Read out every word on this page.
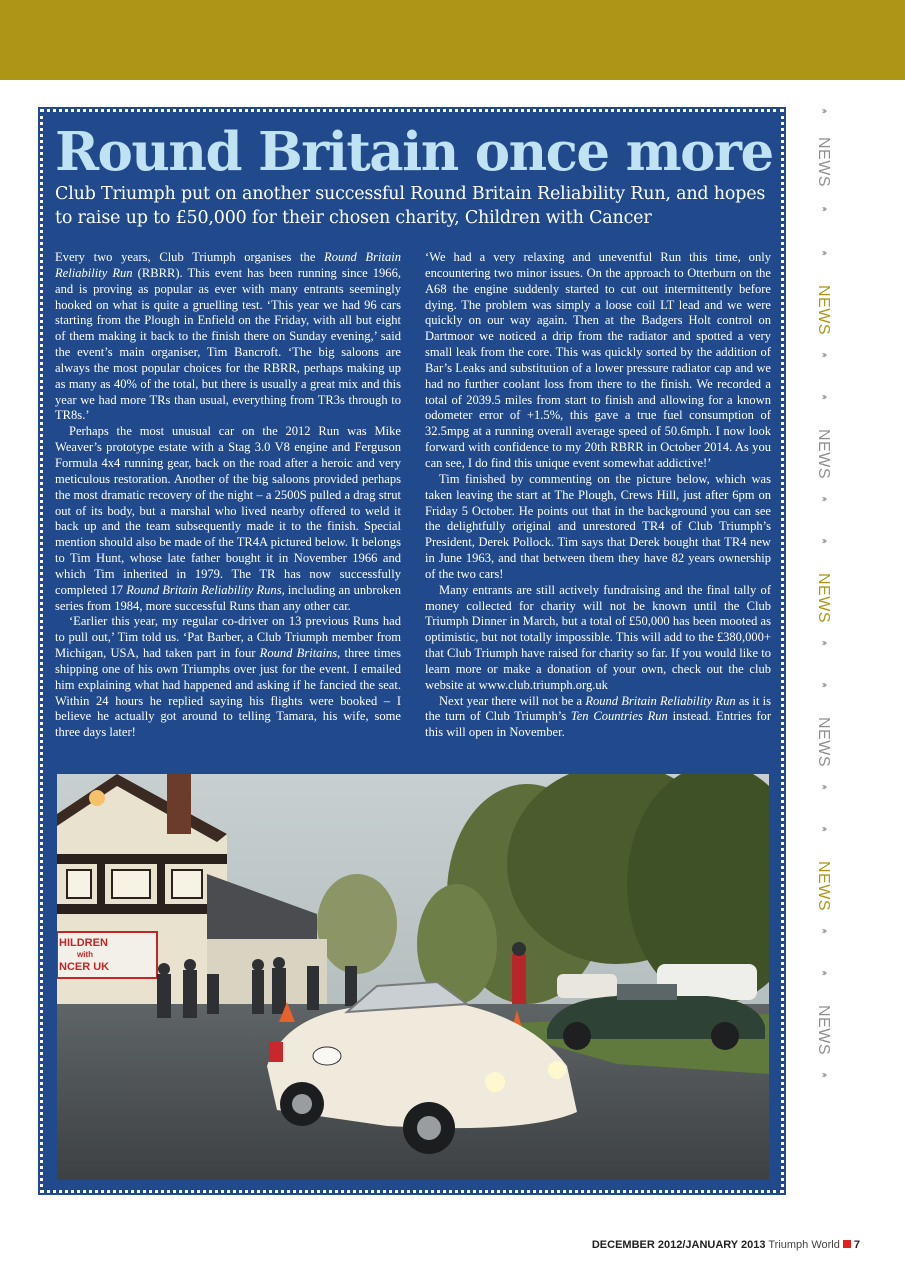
Round Britain once more

Club Triumph put on another successful Round Britain Reliability Run, and hopes to raise up to £50,000 for their chosen charity, Children with Cancer

Every two years, Club Triumph organises the Round Britain Reliability Run (RBRR). This event has been running since 1966, and is proving as popular as ever with many entrants seemingly hooked on what is quite a gruelling test. ‘This year we had 96 cars starting from the Plough in Enfield on the Friday, with all but eight of them making it back to the finish there on Sunday evening,’ said the event’s main organiser, Tim Bancroft. ‘The big saloons are always the most popular choices for the RBRR, perhaps making up as many as 40% of the total, but there is usually a great mix and this year we had more TRs than usual, everything from TR3s through to TR8s.’

Perhaps the most unusual car on the 2012 Run was Mike Weaver’s prototype estate with a Stag 3.0 V8 engine and Ferguson Formula 4x4 running gear, back on the road after a heroic and very meticulous restoration. Another of the big saloons provided perhaps the most dramatic recovery of the night – a 2500S pulled a drag strut out of its body, but a marshal who lived nearby offered to weld it back up and the team subsequently made it to the finish. Special mention should also be made of the TR4A pictured below. It belongs to Tim Hunt, whose late father bought it in November 1966 and which Tim inherited in 1979. The TR has now successfully completed 17 Round Britain Reliability Runs, including an unbroken series from 1984, more successful Runs than any other car.

‘Earlier this year, my regular co-driver on 13 previous Runs had to pull out,’ Tim told us. ‘Pat Barber, a Club Triumph member from Michigan, USA, had taken part in four Round Britains, three times shipping one of his own Triumphs over just for the event. I emailed him explaining what had happened and asking if he fancied the seat. Within 24 hours he replied saying his flights were booked – I believe he actually got around to telling Tamara, his wife, some three days later!

‘We had a very relaxing and uneventful Run this time, only encountering two minor issues. On the approach to Otterburn on the A68 the engine suddenly started to cut out intermittently before dying. The problem was simply a loose coil LT lead and we were quickly on our way again. Then at the Badgers Holt control on Dartmoor we noticed a drip from the radiator and spotted a very small leak from the core. This was quickly sorted by the addition of Bar’s Leaks and substitution of a lower pressure radiator cap and we had no further coolant loss from there to the finish. We recorded a total of 2039.5 miles from start to finish and allowing for a known odometer error of +1.5%, this gave a true fuel consumption of 32.5mpg at a running overall average speed of 50.6mph. I now look forward with confidence to my 20th RBRR in October 2014. As you can see, I do find this unique event somewhat addictive!’

Tim finished by commenting on the picture below, which was taken leaving the start at The Plough, Crews Hill, just after 6pm on Friday 5 October. He points out that in the background you can see the delightfully original and unrestored TR4 of Club Triumph’s President, Derek Pollock. Tim says that Derek bought that TR4 new in June 1963, and that between them they have 82 years ownership of the two cars!

Many entrants are still actively fundraising and the final tally of money collected for charity will not be known until the Club Triumph Dinner in March, but a total of £50,000 has been mooted as optimistic, but not totally impossible. This will add to the £380,000+ that Club Triumph have raised for charity so far. If you would like to learn more or make a donation of your own, check out the club website at www.club.triumph.org.uk

Next year there will not be a Round Britain Reliability Run as it is the turn of Club Triumph’s Ten Countries Run instead. Entries for this will open in November.

HILDREN
with
NCER UK
›››
NEWS
›››
›››
NEWS
›››
›››
NEWS
›››
›››
NEWS
›››
›››
NEWS
›››
›››
NEWS
›››
›››
NEWS
›››
DECEMBER 2012/JANUARY 2013 Triumph World 7
